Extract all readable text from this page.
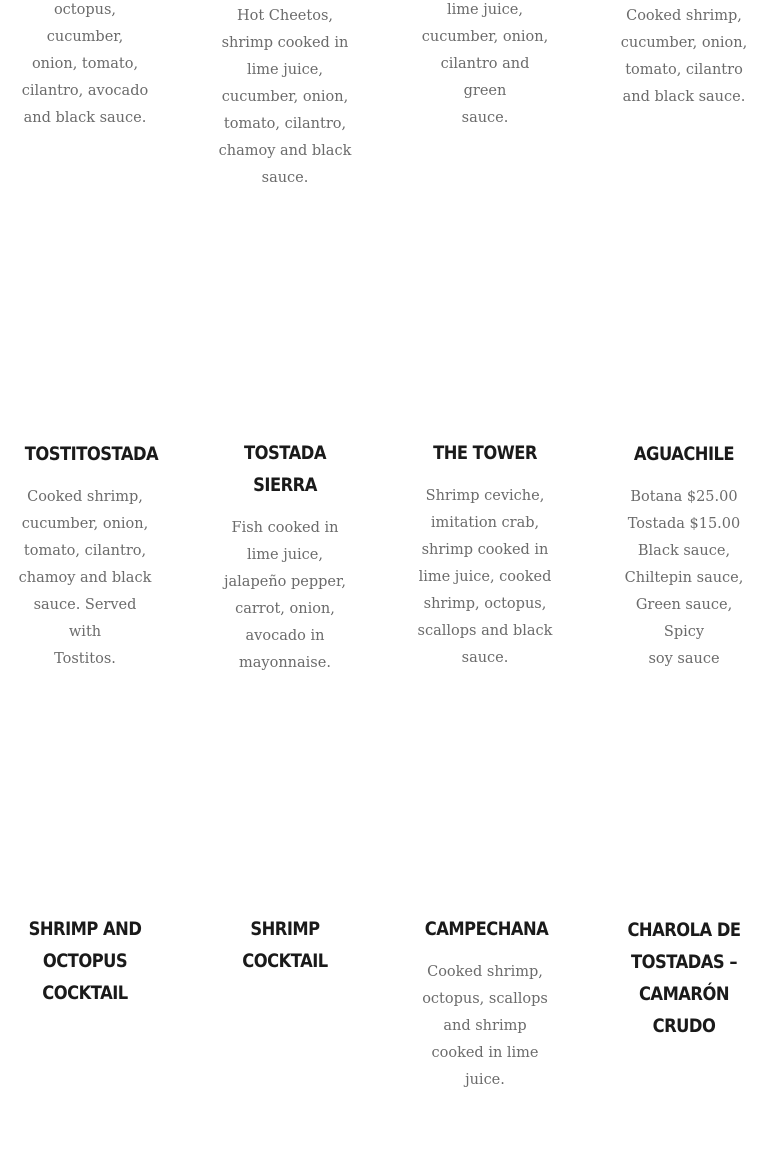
octopus, cucumber,
onion, tomato,
cilantro, avocado
and black sauce.

Hot Cheetos,
shrimp cooked in
lime juice,
cucumber, onion,
tomato, cilantro,
chamoy and black
sauce.

lime juice,
cucumber, onion,
cilantro and green
sauce.

Cooked shrimp,
cucumber, onion,
tomato, cilantro
and black sauce.

TOSTITOSTADA

Cooked shrimp,
cucumber, onion,
tomato, cilantro,
chamoy and black
sauce. Served with
Tostitos.

TOSTADA SIERRA

Fish cooked in
lime juice,
jalapeño pepper,
carrot, onion,
avocado in
mayonnaise.

THE TOWER

Shrimp ceviche,
imitation crab,
shrimp cooked in
lime juice, cooked
shrimp, octopus,
scallops and black
sauce.

AGUACHILE

Botana $25.00
Tostada $15.00
Black sauce,
Chiltepin sauce,
Green sauce, Spicy
soy sauce

SHRIMP AND
OCTOPUS
COCKTAIL
SHRIMP COCKTAIL
CAMPECHANA

Cooked shrimp,
octopus, scallops
and shrimp
cooked in lime
juice.

CHAROLA DE
TOSTADAS –
CAMARÓN CRUDO
